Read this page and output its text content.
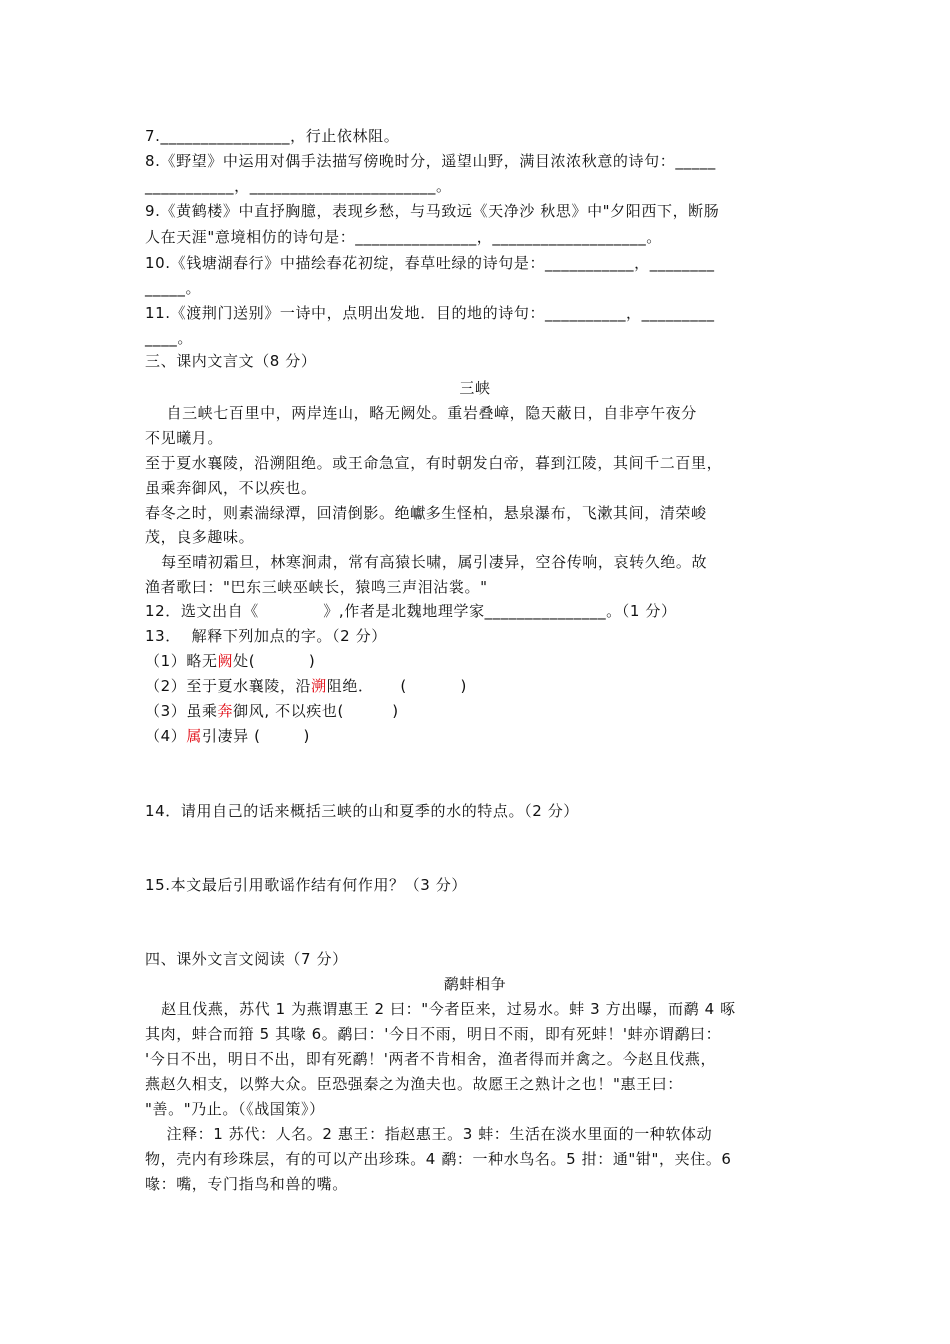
7.________________，行止依林阻。
8.《野望》中运用对偶手法描写傍晚时分，遥望山野，满目浓浓秋意的诗句：_____
___________，_______________________。
9.《黄鹤楼》中直抒胸臆，表现乡愁，与马致远《天净沙 秋思》中"夕阳西下，断肠
人在天涯"意境相仿的诗句是：_______________，___________________。
10.《钱塘湖春行》中描绘春花初绽，春草吐绿的诗句是：___________，________
_____。
11.《渡荆门送别》一诗中，点明出发地．目的地的诗句：__________，_________
____。
三、课内文言文（8 分）
三峡
自三峡七百里中，两岸连山，略无阙处。重岩叠嶂，隐天蔽日，自非亭午夜分
不见曦月。
至于夏水襄陵，沿溯阻绝。或王命急宣，有时朝发白帝，暮到江陵，其间千二百里，
虽乘奔御风，不以疾也。
春冬之时，则素湍绿潭，回清倒影。绝巘多生怪柏，悬泉瀑布，飞漱其间，清荣峻
茂，良多趣味。
每至晴初霜旦，林寒涧肃，常有高猿长啸，属引凄异，空谷传响，哀转久绝。故
渔者歌曰："巴东三峡巫峡长，猿鸣三声泪沾裳。"
12．选文出自《            》,作者是北魏地理学家_______________。（1 分）
13．  解释下列加点的字。（2 分）
（1）略无阙处(          )
（2）至于夏水襄陵，沿溯阻绝．     (          )
（3）虽乘奔御风, 不以疾也(         )
（4）属引凄异 (        )
14．请用自己的话来概括三峡的山和夏季的水的特点。（2 分）
15.本文最后引用歌谣作结有何作用？（3 分）
四、课外文言文阅读（7 分）
鹬蚌相争
赵且伐燕，苏代 1 为燕谓惠王 2 曰："今者臣来，过易水。蚌 3 方出曝，而鹬 4 啄
其肉，蚌合而箝 5 其喙 6。鹬曰：'今日不雨，明日不雨，即有死蚌！'蚌亦谓鹬曰：
'今日不出，明日不出，即有死鹬！'两者不肯相舍，渔者得而并禽之。今赵且伐燕，
燕赵久相支，以弊大众。臣恐强秦之为渔夫也。故愿王之熟计之也！"惠王曰：
"善。"乃止。（《战国策》）
注释：1 苏代：人名。2 惠王：指赵惠王。3 蚌：生活在淡水里面的一种软体动
物，壳内有珍珠层，有的可以产出珍珠。4 鹬：一种水鸟名。5 拑：通"钳"，夹住。6
喙：嘴，专门指鸟和兽的嘴。
